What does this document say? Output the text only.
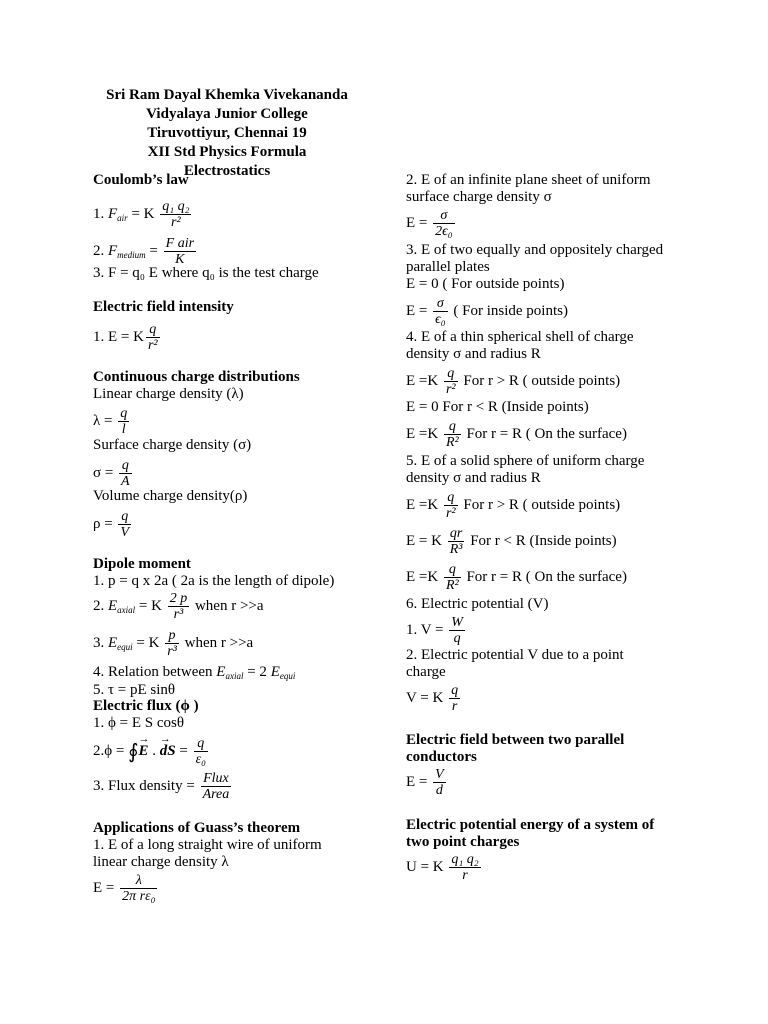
Sri Ram Dayal Khemka Vivekananda
Vidyalaya Junior College
Tiruvottiyur, Chennai 19
XII Std Physics Formula
Electrostatics
Coulomb’s law
1. $F_{air} = K \frac{\text{q₁ q₂}}{\text{r²}}$
2. $F_{medium} = \frac{\text{F air}}{K}$
3. F = q₀ E where q₀ is the test charge
Electric field intensity
1. E = K $\frac{q}{\text{r²}}$
Continuous charge distributions
Linear charge density (λ)
$\lambda = \frac{q}{l}$
Surface charge density (σ)
$\sigma = \frac{q}{A}$
Volume charge density(ρ)
$\rho = \frac{q}{V}$
Dipole moment
1. p = q x 2a ( 2a is the length of dipole)
2. $E_{axial} = K \frac{2 p}{\text{r³}}$ when r >>a
3. $E_{equi} = K \frac{p}{\text{r³}}$ when r >>a
4. Relation between $E_{axial} = 2$ $E_{equi}$
5. τ = pE sinθ
Electric flux (ϕ )
1. ϕ = E S cosθ
2.ϕ = ∮→ E . → dS = $\frac{q}{\text{ε₀}}$
3. Flux density = $\frac{\text{Flux}}{\text{Area}}$
Applications of Guass’s theorem
1. E of a long straight wire of uniform
linear charge density λ
$E = \frac{\lambda}{\text{2π rε₀}}$
2. E of an infinite plane sheet of uniform
surface charge density σ
$E = \frac{\sigma}{\text{2ϵ₀}}$
3. E of two equally and oppositely charged
parallel plates
E = 0 ( For outside points)
$E = \frac{\sigma}{\text{ϵ₀}}$ ( For inside points)
4. E of a thin spherical shell of charge
density σ and radius R
$E =K \frac{q}{\text{r²}}$ For r > R ( outside points)
E = 0 For r < R (Inside points)
$E =K \frac{q}{\text{R²}}$ For r = R ( On the surface)
5. E of a solid sphere of uniform charge
density σ and radius R
$E =K \frac{q}{\text{r²}}$ For r > R ( outside points)
E = K $\frac{qr}{\text{R³}}$ For r < R (Inside points)
$E =K \frac{q}{\text{R²}}$ For r = R ( On the surface)
6. Electric potential (V)
1. $V = \frac{W}{q}$
2. Electric potential V due to a point
charge
V = K $\frac{q}{r}$
Electric field between two parallel
conductors
$E = \frac{V}{d}$
Electric potential energy of a system of
two point charges
U = K $\frac{\text{q₁ q₂}}{r}$
